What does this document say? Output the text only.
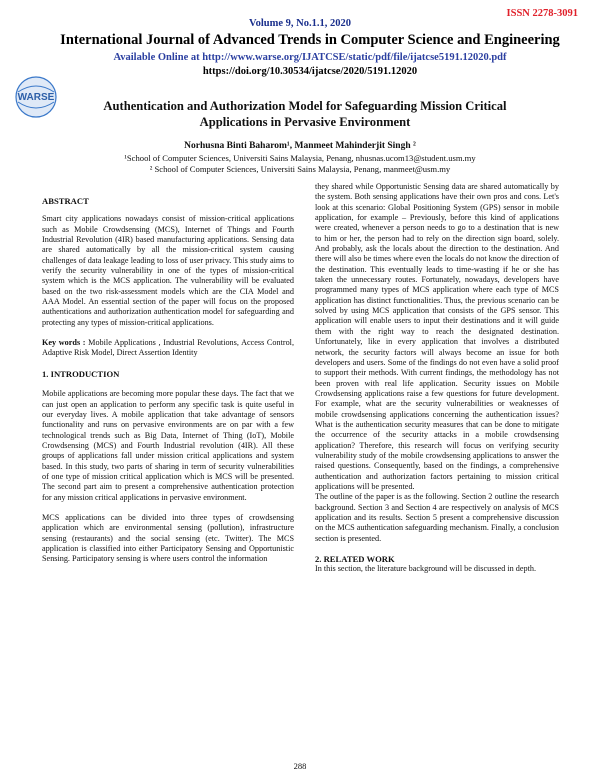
ISSN 2278-3091
Volume 9, No.1.1, 2020
International Journal of Advanced Trends in Computer Science and Engineering
Available Online at http://www.warse.org/IJATCSE/static/pdf/file/ijatcse5191.12020.pdf
https://doi.org/10.30534/ijatcse/2020/5191.12020
WARSE
Authentication and Authorization Model for Safeguarding Mission Critical
Applications in Pervasive Environment
Norhusna Binti Baharom¹, Manmeet Mahinderjit Singh ²
¹School of Computer Sciences, Universiti Sains Malaysia, Penang, nhusnas.ucom13@student.usm.my
² School of Computer Sciences, Universiti Sains Malaysia, Penang, manmeet@usm.my

ABSTRACT

Smart city applications nowadays consist of mission-critical applications such as Mobile Crowdsensing (MCS), Internet of Things and Fourth Industrial Revolution (4IR) based manufacturing applications. Sensing data are shared automatically by all the mission-critical system causing challenges of data leakage leading to loss of user privacy. This study aims to verify the security vulnerability in one of the types of mission-critical system which is the MCS application. The vulnerability will be evaluated based on the two risk-assessment models which are the CIA Model and AAA Model. An essential section of the paper will focus on the proposed authentications and authorization authentication model for safeguarding and protecting any types of mission-critical applications.

Key words : Mobile Applications , Industrial Revolutions, Access Control, Adaptive Risk Model, Direct Assertion Identity

1. INTRODUCTION

Mobile applications are becoming more popular these days. The fact that we can just open an application to perform any specific task is quite useful in our everyday lives. A mobile application that take advantage of sensors functionality and runs on pervasive environments are on par with a few technological trends such as Big Data, Internet of Thing (IoT), Mobile Crowdsensing (MCS) and Fourth Industrial revolution (4IR). All these groups of applications fall under mission critical applications and system based. In this study, two parts of sharing in term of security vulnerabilities of one type of mission critical application which is MCS will be presented. The second part aim to present a comprehensive authentication protection for any mission critical applications in pervasive environment.

MCS applications can be divided into three types of crowdsensing application which are environmental sensing (pollution), infrastructure sensing (restaurants) and the social sensing (etc. Twitter). The MCS application is classified into either Participatory Sensing and Opportunistic Sensing. Participatory sensing is where users control the information

they shared while Opportunistic Sensing data are shared automatically by the system. Both sensing applications have their own pros and cons. Let's look at this scenario: Global Positioning System (GPS) sensor in mobile application, for example – Previously, before this kind of applications were created, whenever a person needs to go to a destination that is new to him or her, the person had to rely on the direction sign board, solely. And probably, ask the locals about the direction to the destination. And there will also be times where even the locals do not know the direction of the destination. This eventually leads to time-wasting if he or she has taken the unnecessary routes. Fortunately, nowadays, developers have programmed many types of MCS application where each type of MCS application has distinct functionalities. Thus, the previous scenario can be solved by using MCS application that consists of the GPS sensor. This application will enable users to input their destinations and it will guide them with the right way to reach the designated destination. Unfortunately, like in every application that involves a distributed network, the security factors will always become an issue for both developers and users. Some of the findings do not even have a solid proof to support their methods. With current findings, the methodology has not been proven with real life application. Security issues on Mobile Crowdsensing applications raise a few questions for future development. For example, what are the security vulnerabilities or weaknesses of mobile crowdsensing applications concerning the authentication issues? What is the authentication security measures that can be done to mitigate the occurrence of the security attacks in a mobile crowdsensing application? Therefore, this research will focus on verifying security vulnerability study of the mobile crowdsensing applications to answer the raised questions. Consequently, based on the findings, a comprehensive authentication and authorization factors pertaining to mission critical applications will be presented.

The outline of the paper is as the following. Section 2 outline the research background. Section 3 and Section 4 are respectively on analysis of MCS application and its results. Section 5 present a comprehensive discussion on the MCS authentication safeguarding mechanism. Finally, a conclusion section is presented.

2. RELATED WORK

In this section, the literature background will be discussed in depth.

288
